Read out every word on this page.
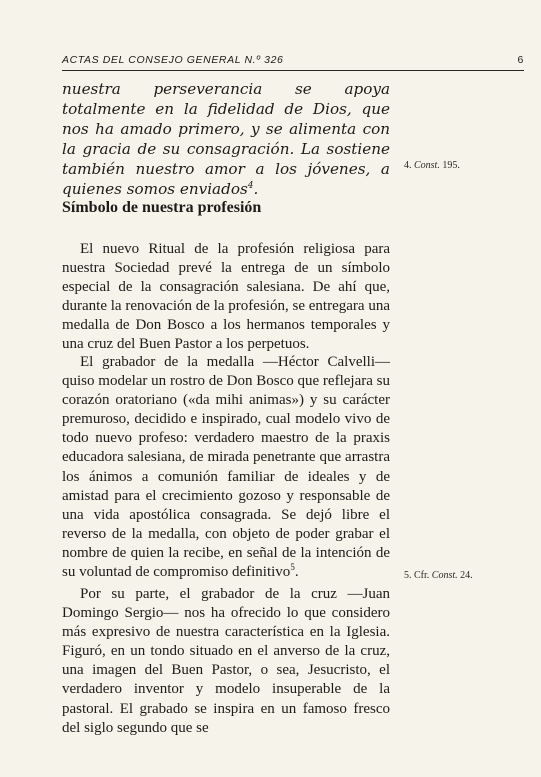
ACTAS DEL CONSEJO GENERAL N.º 326	6
nuestra perseverancia se apoya totalmente en la fidelidad de Dios, que nos ha amado primero, y se alimenta con la gracia de su consagración. La sostiene también nuestro amor a los jóvenes, a quienes somos enviados$^4$.
Símbolo de nuestra profesión
El nuevo Ritual de la profesión religiosa para nuestra Sociedad prevé la entrega de un símbolo especial de la consagración salesiana. De ahí que, durante la renovación de la profesión, se entregara una medalla de Don Bosco a los hermanos temporales y una cruz del Buen Pastor a los perpetuos.
El grabador de la medalla —Héctor Calvelli— quiso modelar un rostro de Don Bosco que reflejara su corazón oratoriano («da mihi animas») y su carácter premuroso, decidido e inspirado, cual modelo vivo de todo nuevo profeso: verdadero maestro de la praxis educadora salesiana, de mirada penetrante que arrastra los ánimos a comunión familiar de ideales y de amistad para el crecimiento gozoso y responsable de una vida apostólica consagrada. Se dejó libre el reverso de la medalla, con objeto de poder grabar el nombre de quien la recibe, en señal de la intención de su voluntad de compromiso definitivo$^5$.
Por su parte, el grabador de la cruz —Juan Domingo Sergio— nos ha ofrecido lo que considero más expresivo de nuestra característica en la Iglesia. Figuró, en un tondo situado en el anverso de la cruz, una imagen del Buen Pastor, o sea, Jesucristo, el verdadero inventor y modelo insuperable de la pastoral. El grabado se inspira en un famoso fresco del siglo segundo que se
4. Const. 195.
5. Cfr. Const. 24.
